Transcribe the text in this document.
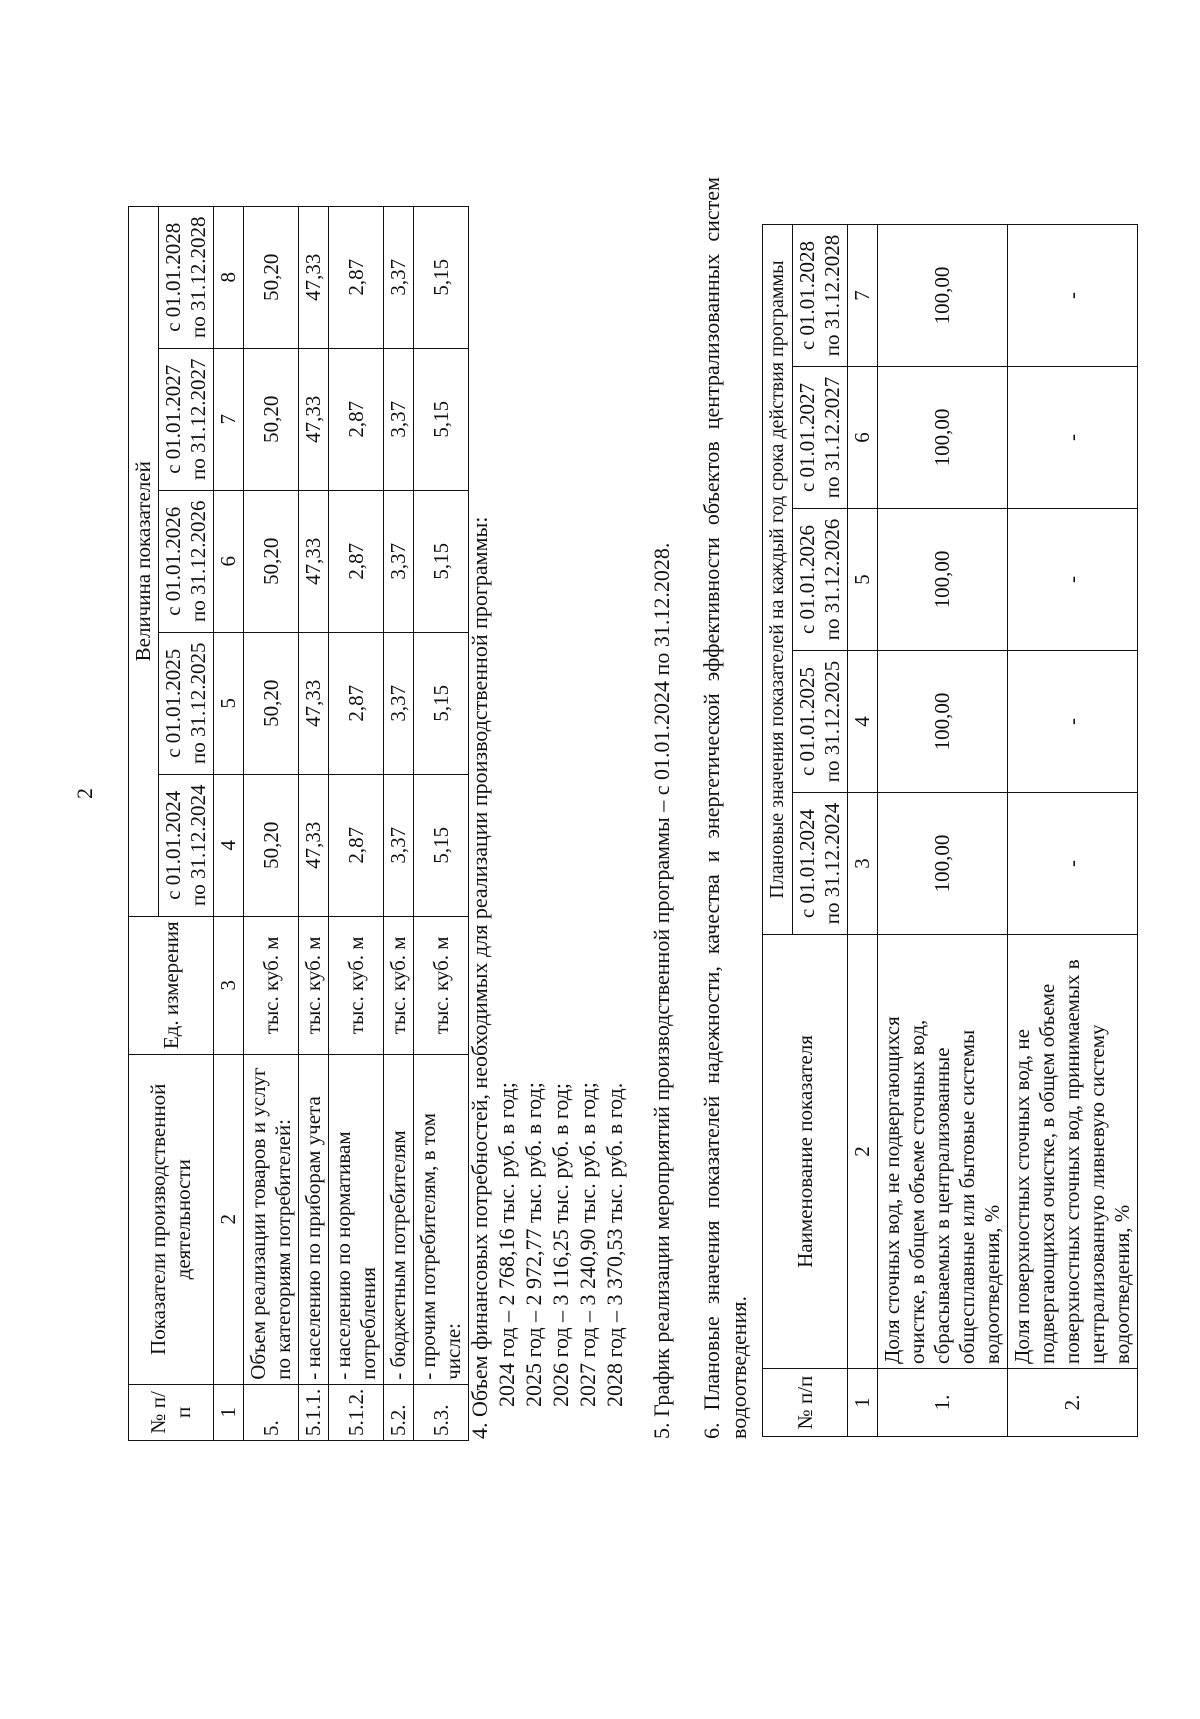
2
№ п/п	Показатели производственной деятельности	Ед. измерения	Величина показателей				
			с 01.01.2024 по 31.12.2024	с 01.01.2025 по 31.12.2025	с 01.01.2026 по 31.12.2026	с 01.01.2027 по 31.12.2027	с 01.01.2028 по 31.12.2028
1	2	3	4	5	6	7	8
5.	Объем реализации товаров и услуг по категориям потребителей:	тыс. куб. м	50,20	50,20	50,20	50,20	50,20
5.1.1.	- населению по приборам учета	тыс. куб. м	47,33	47,33	47,33	47,33	47,33
5.1.2.	- населению по нормативам потребления	тыс. куб. м	2,87	2,87	2,87	2,87	2,87
5.2.	- бюджетным потребителям	тыс. куб. м	3,37	3,37	3,37	3,37	3,37
5.3.	- прочим потребителям, в том числе:	тыс. куб. м	5,15	5,15	5,15	5,15	5,15
4. Объем финансовых потребностей, необходимых для реализации производственной программы: 2024 год – 2 768,16 тыс. руб. в год; 2025 год – 2 972,77 тыс. руб. в год; 2026 год – 3 116,25 тыс. руб. в год; 2027 год – 3 240,90 тыс. руб. в год; 2028 год – 3 370,53 тыс. руб. в год. 5. График реализации мероприятий производственной программы – с 01.01.2024 по 31.12.2028. 6. Плановые значения показателей надежности, качества и энергетической эффективности объектов централизованных систем водоотведения. № п/п	Наименование показателя	Плановые значения показателей на каждый год срока действия программы				
		с 01.01.2024 по 31.12.2024	с 01.01.2025 по 31.12.2025	с 01.01.2026 по 31.12.2026	с 01.01.2027 по 31.12.2027	с 01.01.2028 по 31.12.2028
1	2	3	4	5	6	7
1.	Доля сточных вод, не подвергающихся очистке, в общем объеме сточных вод, сбрасываемых в централизованные общесплавные или бытовые системы водоотведения, %	100,00	100,00	100,00	100,00	100,00
2.	Доля поверхностных сточных вод, не подвергающихся очистке, в общем объеме поверхностных сточных вод, принимаемых в централизованную ливневую систему водоотведения, %	-	-	-	-	-
